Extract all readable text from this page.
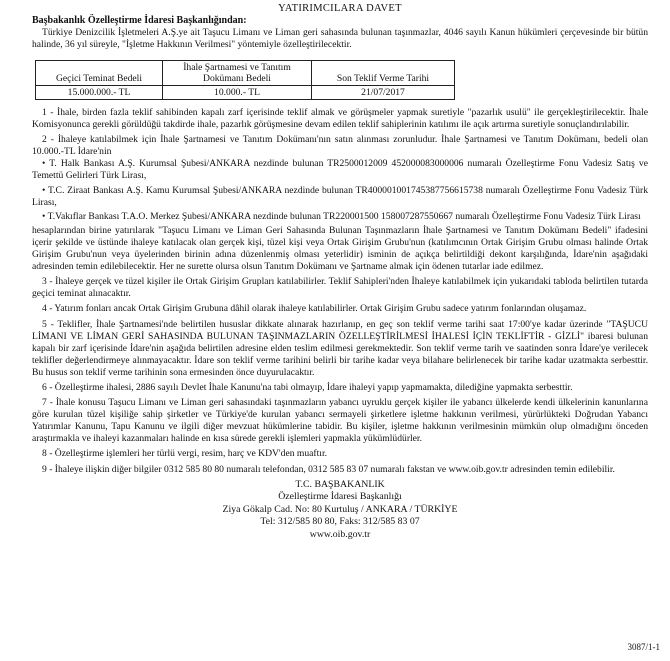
YATIRIMCILARA DAVET
Başbakanlık Özelleştirme İdaresi Başkanlığından:
Türkiye Denizcilik İşletmeleri A.Ş.ye ait Taşucu Limanı ve Liman geri sahasında bulunan taşınmazlar, 4046 sayılı Kanun hükümleri çerçevesinde bir bütün halinde, 36 yıl süreyle, "İşletme Hakkının Verilmesi" yöntemiyle özelleştirilecektir.
Geçici Teminat Bedeli	İhale Şartnamesi ve Tanıtım Dokümanı Bedeli	Son Teklif Verme Tarihi
15.000.000.- TL	10.000.- TL	21/07/2017
1 - İhale, birden fazla teklif sahibinden kapalı zarf içerisinde teklif almak ve görüşmeler yapmak suretiyle "pazarlık usulü" ile gerçekleştirilecektir. İhale Komisyonunca gerekli görüldüğü takdirde ihale, pazarlık görüşmesine devam edilen teklif sahiplerinin katılımı ile açık artırma suretiyle sonuçlandırılabilir.
2 - İhaleye katılabilmek için İhale Şartnamesi ve Tanıtım Dokümanı'nın satın alınması zorunludur. İhale Şartnamesi ve Tanıtım Dokümanı, bedeli olan 10.000.-TL İdare'nin
• T. Halk Bankası A.Ş. Kurumsal Şubesi/ANKARA nezdinde bulunan TR2500012009 452000083000006 numaralı Özelleştirme Fonu Vadesiz Satış ve Temettü Gelirleri Türk Lirası,
• T.C. Ziraat Bankası A.Ş. Kamu Kurumsal Şubesi/ANKARA nezdinde bulunan TR400001001745387756615738 numaralı Özelleştirme Fonu Vadesiz Türk Lirası,
• T.Vakıflar Bankası T.A.O. Merkez Şubesi/ANKARA nezdinde bulunan TR220001500 158007287550667 numaralı Özelleştirme Fonu Vadesiz Türk Lirası
hesaplarından birine yatırılarak "Taşucu Limanı ve Liman Geri Sahasında Bulunan Taşınmazların İhale Şartnamesi ve Tanıtım Dokümanı Bedeli" ifadesini içerir şekilde ve üstünde ihaleye katılacak olan gerçek kişi, tüzel kişi veya Ortak Girişim Grubu'nun (katılımcının Ortak Girişim Grubu olması halinde Ortak Girişim Grubu'nun veya üyelerinden birinin adına düzenlenmiş olması yeterlidir) isminin de açıkça belirtildiği dekont karşılığında, İdare'nin aşağıdaki adresinden temin edilebilecektir. Her ne surette olursa olsun Tanıtım Dokümanı ve Şartname almak için ödenen tutarlar iade edilmez.
3 - İhaleye gerçek ve tüzel kişiler ile Ortak Girişim Grupları katılabilirler. Teklif Sahipleri'nden İhaleye katılabilmek için yukarıdaki tabloda belirtilen tutarda geçici teminat alınacaktır.
4 - Yatırım fonları ancak Ortak Girişim Grubuna dâhil olarak ihaleye katılabilirler. Ortak Girişim Grubu sadece yatırım fonlarından oluşamaz.
5 - Teklifler, İhale Şartnamesi'nde belirtilen hususlar dikkate alınarak hazırlanıp, en geç son teklif verme tarihi saat 17:00'ye kadar üzerinde "TAŞUCU LİMANI VE LİMAN GERİ SAHASINDA BULUNAN TAŞINMAZLARIN ÖZELLEŞTİRİLMESİ İHALESİ İÇİN TEKLİFTİR - GİZLİ" ibaresi bulunan kapalı bir zarf içerisinde İdare'nin aşağıda belirtilen adresine elden teslim edilmesi gerekmektedir. Son teklif verme tarih ve saatinden sonra İdare'ye verilecek teklifler değerlendirmeye alınmayacaktır. İdare son teklif verme tarihini belirli bir tarihe kadar veya bilahare belirlenecek bir tarihe kadar uzatmakta serbesttir. Bu husus son teklif verme tarihinin sona ermesinden önce duyurulacaktır.
6 - Özelleştirme ihalesi, 2886 sayılı Devlet İhale Kanunu'na tabi olmayıp, İdare ihaleyi yapıp yapmamakta, dilediğine yapmakta serbesttir.
7 - İhale konusu Taşucu Limanı ve Liman geri sahasındaki taşınmazların yabancı uyruklu gerçek kişiler ile yabancı ülkelerde kendi ülkelerinin kanunlarına göre kurulan tüzel kişiliğe sahip şirketler ve Türkiye'de kurulan yabancı sermayeli şirketlere işletme hakkının verilmesi, yürürlükteki Doğrudan Yabancı Yatırımlar Kanunu, Tapu Kanunu ve ilgili diğer mevzuat hükümlerine tabidir. Bu kişiler, işletme hakkının verilmesinin mümkün olup olmadığını önceden araştırmakla ve ihaleyi kazanmaları halinde en kısa sürede gerekli işlemleri yapmakla yükümlüdürler.
8 - Özelleştirme işlemleri her türlü vergi, resim, harç ve KDV'den muaftır.
9 - İhaleye ilişkin diğer bilgiler 0312 585 80 80 numaralı telefondan, 0312 585 83 07 numaralı fakstan ve www.oib.gov.tr adresinden temin edilebilir.
T.C. BAŞBAKANLIK
Özelleştirme İdaresi Başkanlığı
Ziya Gökalp Cad. No: 80 Kurtuluş / ANKARA / TÜRKİYE
Tel: 312/585 80 80, Faks: 312/585 83 07
www.oib.gov.tr
3087/1-1
